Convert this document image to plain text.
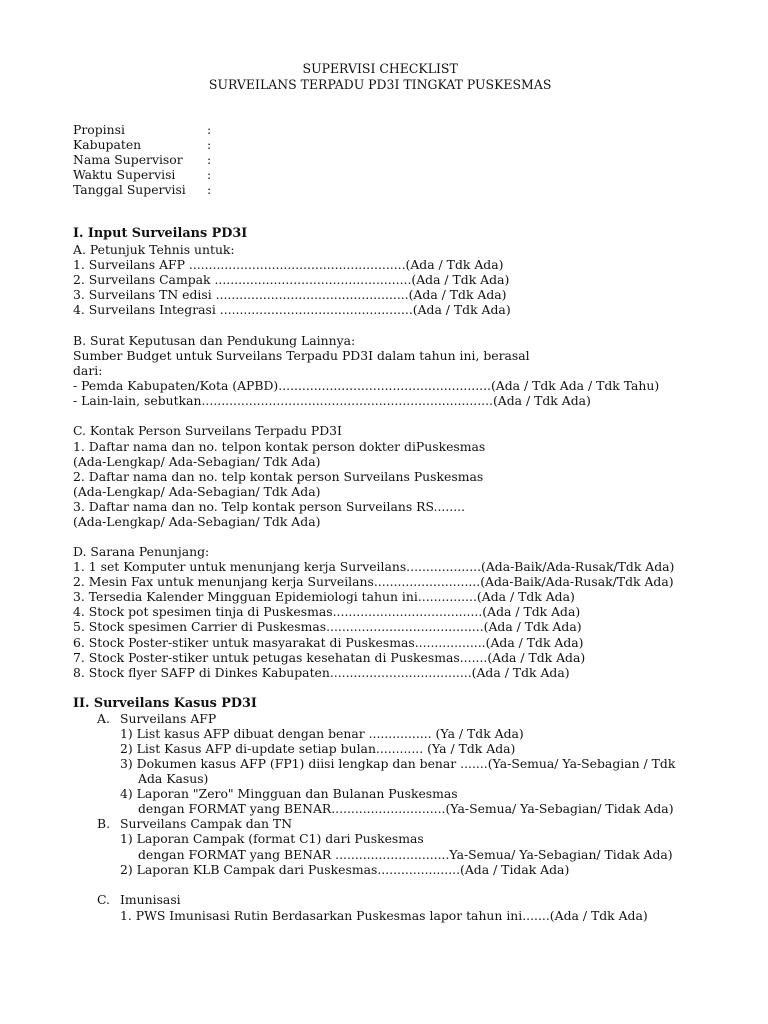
SUPERVISI CHECKLIST
SURVEILANS TERPADU PD3I TINGKAT PUSKESMAS
Propinsi	:
Kabupaten	:
Nama Supervisor :
Waktu Supervisi	:
Tanggal Supervisi :
I. Input Surveilans PD3I
A. Petunjuk Tehnis untuk:
1. Surveilans AFP .......................................................(Ada / Tdk Ada)
2. Surveilans Campak ..................................................(Ada / Tdk Ada)
3. Surveilans TN edisi .................................................(Ada / Tdk Ada)
4. Surveilans Integrasi .................................................(Ada / Tdk Ada)
B. Surat Keputusan dan Pendukung Lainnya:
Sumber Budget untuk Surveilans Terpadu PD3I dalam tahun ini, berasal
dari:
- Pemda Kabupaten/Kota (APBD)......................................................(Ada / Tdk Ada / Tdk Tahu)
- Lain-lain, sebutkan..........................................................................(Ada / Tdk Ada)
C. Kontak Person Surveilans Terpadu PD3I
1. Daftar nama dan no. telpon kontak person dokter diPuskesmas
(Ada-Lengkap/ Ada-Sebagian/ Tdk Ada)
2. Daftar nama dan no. telp kontak person Surveilans Puskesmas
(Ada-Lengkap/ Ada-Sebagian/ Tdk Ada)
3. Daftar nama dan no. Telp kontak person Surveilans RS........
(Ada-Lengkap/ Ada-Sebagian/ Tdk Ada)
D. Sarana Penunjang:
1. 1 set Komputer untuk menunjang kerja Surveilans...................(Ada-Baik/Ada-Rusak/Tdk Ada)
2. Mesin Fax untuk menunjang kerja Surveilans...........................(Ada-Baik/Ada-Rusak/Tdk Ada)
3. Tersedia Kalender Mingguan Epidemiologi tahun ini...............(Ada / Tdk Ada)
4. Stock pot spesimen tinja di Puskesmas......................................(Ada / Tdk Ada)
5. Stock spesimen Carrier di Puskesmas........................................(Ada / Tdk Ada)
6. Stock Poster-stiker untuk masyarakat di Puskesmas..................(Ada / Tdk Ada)
7. Stock Poster-stiker untuk petugas kesehatan di Puskesmas.......(Ada / Tdk Ada)
8. Stock flyer SAFP di Dinkes Kabupaten....................................(Ada / Tdk Ada)
II. Surveilans Kasus PD3I
A. Surveilans AFP
1) List kasus AFP dibuat dengan benar ................ (Ya / Tdk Ada)
2) List Kasus AFP di-update setiap bulan............ (Ya / Tdk Ada)
3) Dokumen kasus AFP (FP1) diisi lengkap dan benar .......(Ya-Semua/ Ya-Sebagian / Tdk
Ada Kasus)
4) Laporan "Zero" Mingguan dan Bulanan Puskesmas
dengan FORMAT yang BENAR.............................(Ya-Semua/ Ya-Sebagian/ Tidak Ada)
B. Surveilans Campak dan TN
1) Laporan Campak (format C1) dari Puskesmas
dengan FORMAT yang BENAR .............................Ya-Semua/ Ya-Sebagian/ Tidak Ada)
2) Laporan KLB Campak dari Puskesmas.....................(Ada / Tidak Ada)
C. Imunisasi
1. PWS Imunisasi Rutin Berdasarkan Puskesmas lapor tahun ini.......(Ada / Tdk Ada)
